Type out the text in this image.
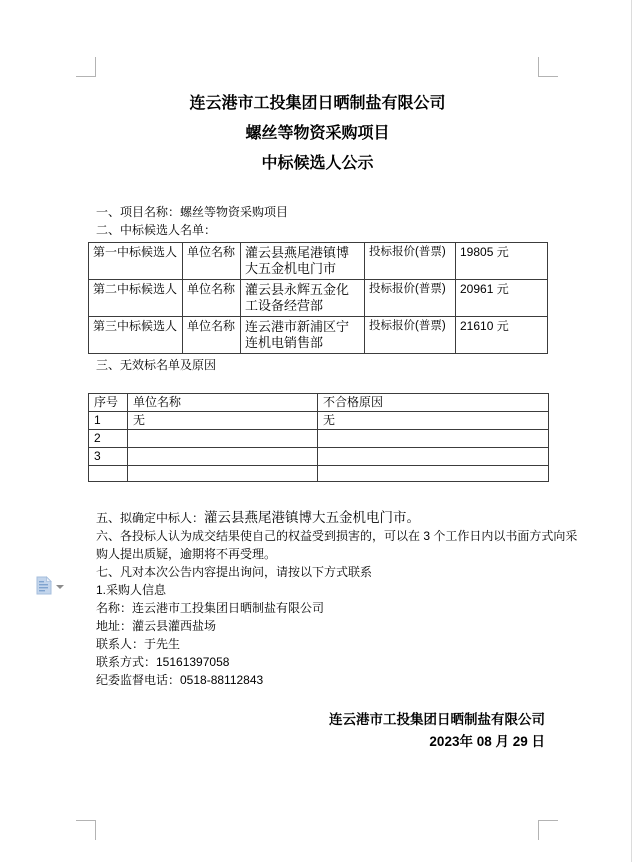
连云港市工投集团日晒制盐有限公司
螺丝等物资采购项目
中标候选人公示
一、项目名称：螺丝等物资采购项目
二、中标候选人名单：
第一中标候选人	单位名称	灌云县燕尾港镇博大五金机电门市	投标报价(普票)	19805 元
第二中标候选人	单位名称	灌云县永辉五金化工设备经营部	投标报价(普票)	20961 元
第三中标候选人	单位名称	连云港市新浦区宁连机电销售部	投标报价(普票)	21610 元
三、无效标名单及原因
序号	单位名称	不合格原因
1	无	无
2		
3		

五、拟确定中标人：灌云县燕尾港镇博大五金机电门市。
六、各投标人认为成交结果使自己的权益受到损害的，可以在 3 个工作日内以书面方式向采
购人提出质疑，逾期将不再受理。
七、凡对本次公告内容提出询问，请按以下方式联系
1.采购人信息
名称：连云港市工投集团日晒制盐有限公司
地址：灌云县灌西盐场
联系人：于先生
联系方式：15161397058
纪委监督电话：0518-88112843
连云港市工投集团日晒制盐有限公司
2023年 08 月 29 日
